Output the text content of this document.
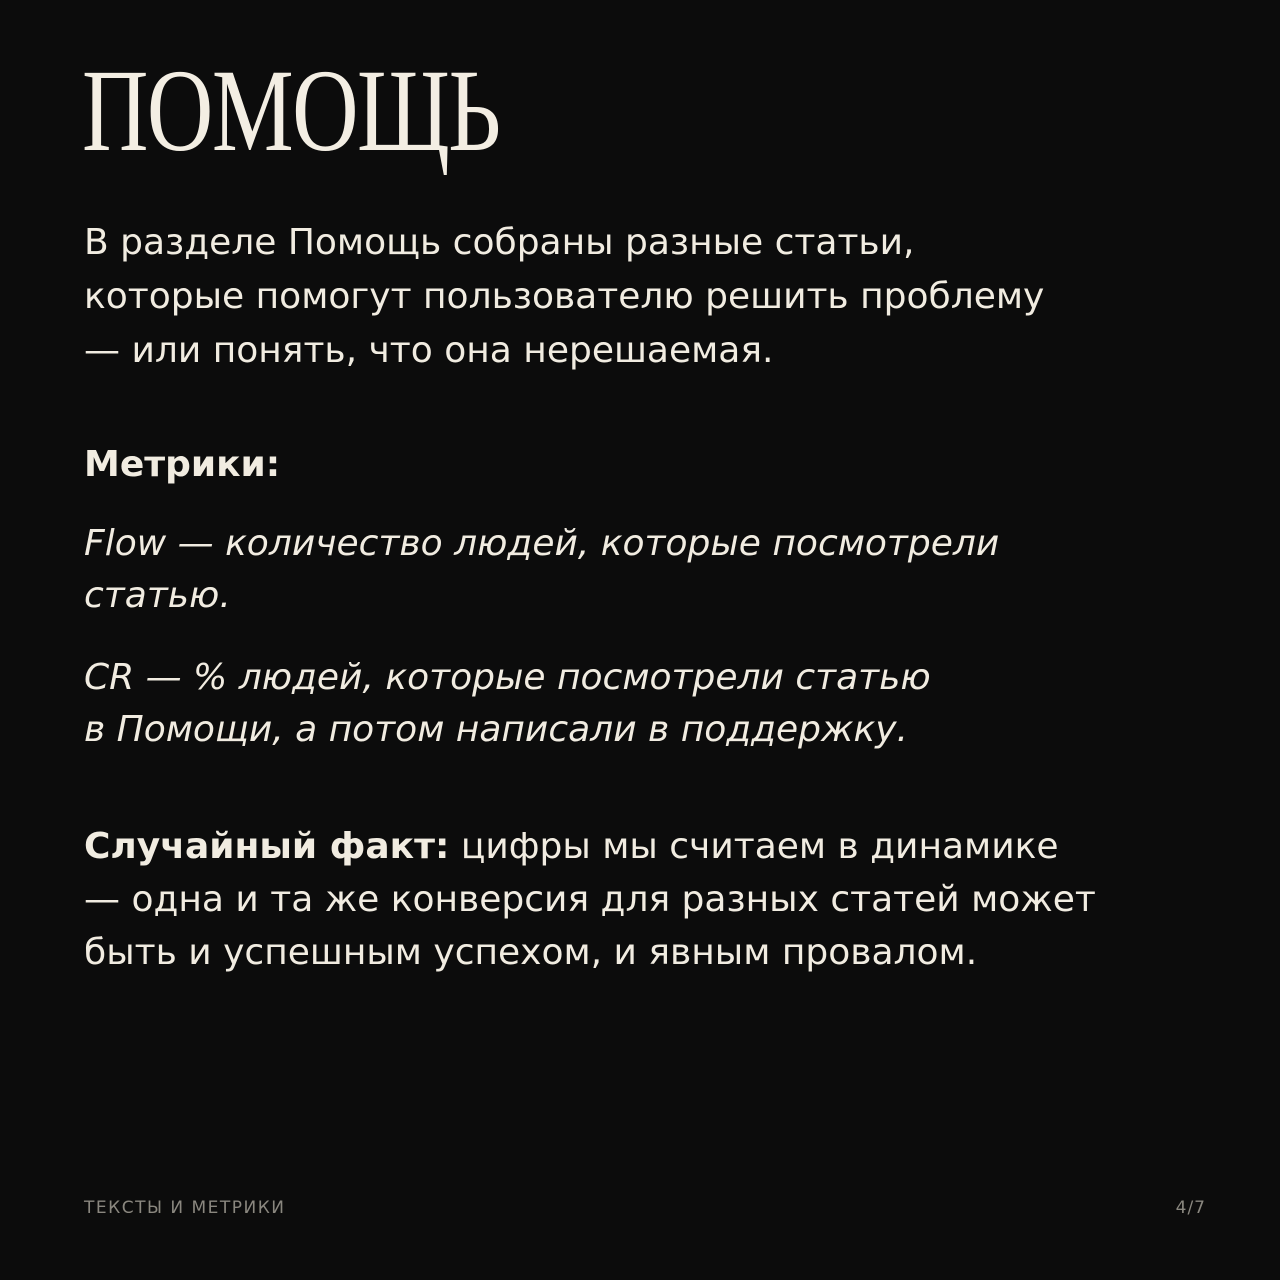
ПОМОЩЬ
В разделе Помощь собраны разные статьи,
которые помогут пользователю решить проблему
— или понять, что она нерешаемая.
Метрики:
Flow — количество людей, которые посмотрели
статью.
CR — % людей, которые посмотрели статью
в Помощи, а потом написали в поддержку.
Случайный факт: цифры мы считаем в динамике
— одна и та же конверсия для разных статей может
быть и успешным успехом, и явным провалом.
ТЕКСТЫ И МЕТРИКИ	4/7
